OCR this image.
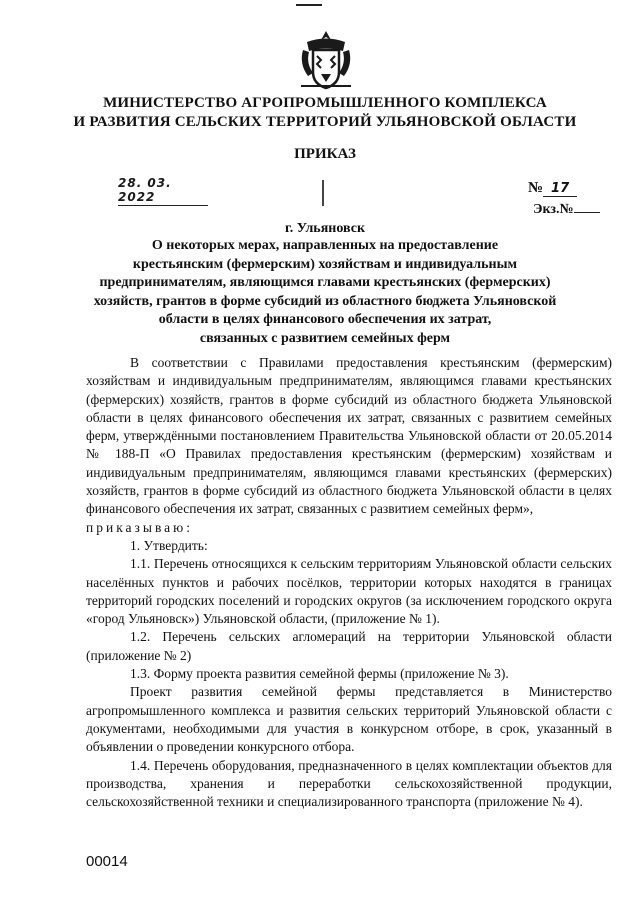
МИНИСТЕРСТВО АГРОПРОМЫШЛЕННОГО КОМПЛЕКСА
И РАЗВИТИЯ СЕЛЬСКИХ ТЕРРИТОРИЙ УЛЬЯНОВСКОЙ ОБЛАСТИ
ПРИКАЗ
28. 03. 2022
№ 17
Экз.№
г. Ульяновск
О некоторых мерах, направленных на предоставление
крестьянским (фермерским) хозяйствам и индивидуальным
предпринимателям, являющимся главами крестьянских (фермерских)
хозяйств, грантов в форме субсидий из областного бюджета Ульяновской
области в целях финансового обеспечения их затрат,
связанных с развитием семейных ферм

В соответствии с Правилами предоставления крестьянским (фермерским) хозяйствам и индивидуальным предпринимателям, являющимся главами крестьянских (фермерских) хозяйств, грантов в форме субсидий из областного бюджета Ульяновской области в целях финансового обеспечения их затрат, связанных с развитием семейных ферм, утверждёнными постановлением Правительства Ульяновской области от 20.05.2014 № 188-П «О Правилах предоставления крестьянским (фермерским) хозяйствам и индивидуальным предпринимателям, являющимся главами крестьянских (фермерских) хозяйств, грантов в форме субсидий из областного бюджета Ульяновской области в целях финансового обеспечения их затрат, связанных с развитием семейных ферм»,

приказываю:

1. Утвердить:

1.1. Перечень относящихся к сельским территориям Ульяновской области сельских населённых пунктов и рабочих посёлков, территории которых находятся в границах территорий городских поселений и городских округов (за исключением городского округа «город Ульяновск») Ульяновской области, (приложение № 1).

1.2. Перечень сельских агломераций на территории Ульяновской области (приложение № 2)

1.3. Форму проекта развития семейной фермы (приложение № 3).

Проект развития семейной фермы представляется в Министерство агропромышленного комплекса и развития сельских территорий Ульяновской области с документами, необходимыми для участия в конкурсном отборе, в срок, указанный в объявлении о проведении конкурсного отбора.

1.4. Перечень оборудования, предназначенного в целях комплектации объектов для производства, хранения и переработки сельскохозяйственной продукции, сельскохозяйственной техники и специализированного транспорта (приложение № 4).

00014
